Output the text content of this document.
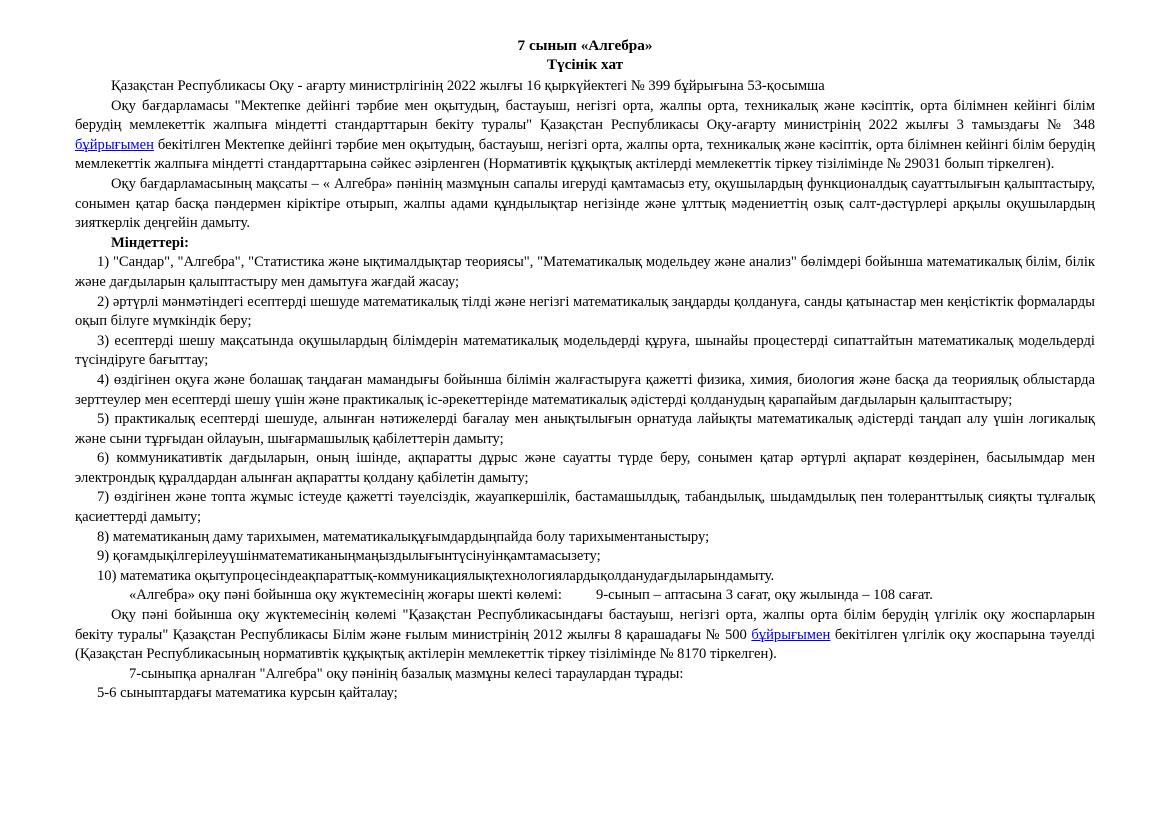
7 сынып «Алгебра»
Түсінік хат

Қазақстан Республикасы Оқу - ағарту министрлігінің 2022 жылғы 16 қыркүйектегі № 399 бұйрығына 53-қосымша

Оқу бағдарламасы "Мектепке дейінгі тәрбие мен оқытудың, бастауыш, негізгі орта, жалпы орта, техникалық және кәсіптік, орта білімнен кейінгі білім берудің мемлекеттік жалпыға міндетті стандарттарын бекіту туралы" Қазақстан Республикасы Оқу-ағарту министрінің 2022 жылғы 3 тамыздағы № 348 бұйрығымен бекітілген Мектепке дейінгі тәрбие мен оқытудың, бастауыш, негізгі орта, жалпы орта, техникалық және кәсіптік, орта білімнен кейінгі білім берудің мемлекеттік жалпыға міндетті стандарттарына сәйкес әзірленген (Нормативтік құқықтық актілерді мемлекеттік тіркеу тізілімінде № 29031 болып тіркелген).

Оқу бағдарламасының мақсаты – « Алгебра» пәнінің мазмұнын сапалы игеруді қамтамасыз ету, оқушылардың функционалдық сауаттылығын қалыптастыру, сонымен қатар басқа пәндермен кіріктіре отырып, жалпы адами құндылықтар негізінде және ұлттық мәдениеттің озық салт-дәстүрлері арқылы оқушылардың зияткерлік деңгейін дамыту.

Міндеттері:

1) "Сандар", "Алгебра", "Статистика және ықтималдықтар теориясы", "Математикалық модельдеу және анализ" бөлімдері бойынша математикалық білім, білік және дағдыларын қалыптастыру мен дамытуға жағдай жасау;

2) әртүрлі мәнмәтіндегі есептерді шешуде математикалық тілді және негізгі математикалық заңдарды қолдануға, санды қатынастар мен кеңістіктік формаларды оқып білуге мүмкіндік беру;

3) есептерді шешу мақсатында оқушылардың білімдерін математикалық модельдерді құруға, шынайы процестерді сипаттайтын математикалық модельдерді түсіндіруге бағыттау;

4) өздігінен оқуға және болашақ таңдаған мамандығы бойынша білімін жалғастыруға қажетті физика, химия, биология және басқа да теориялық облыстарда зерттеулер мен есептерді шешу үшін және практикалық іс-әрекеттерінде математикалық әдістерді қолданудың қарапайым дағдыларын қалыптастыру;

5) практикалық есептерді шешуде, алынған нәтижелерді бағалау мен анықтылығын орнатуда лайықты математикалық әдістерді таңдап алу үшін логикалық және сыни тұрғыдан ойлауын, шығармашылық қабілеттерін дамыту;

6) коммуникативтік дағдыларын, оның ішінде, ақпаратты дұрыс және сауатты түрде беру, сонымен қатар әртүрлі ақпарат көздерінен, басылымдар мен электрондық құралдардан алынған ақпаратты қолдану қабілетін дамыту;

7) өздігінен және топта жұмыс істеуде қажетті тәуелсіздік, жауапкершілік, бастамашылдық, табандылық, шыдамдылық пен толеранттылық сияқты тұлғалық қасиеттерді дамыту;

8) математиканың даму тарихымен, математикалықұғымдардыңпайда болу тарихыментаныстыру;

9) қоғамдықілгерілеуүшінматематиканыңмаңыздылығынтүсінуінқамтамасызету;

10) математика оқытупроцесіндеақпараттық-коммуникациялықтехнологиялардықолданудағдыларындамыту.

«Алгебра» оқу пәні бойынша оқу жүктемесінің жоғары шекті көлемі: 9-сынып – аптасына 3 сағат, оқу жылында – 108 сағат.

Оқу пәні бойынша оқу жүктемесінің көлемі "Қазақстан Республикасындағы бастауыш, негізгі орта, жалпы орта білім берудің үлгілік оқу жоспарларын бекіту туралы" Қазақстан Республикасы Білім және ғылым министрінің 2012 жылғы 8 қарашадағы № 500 бұйрығымен бекітілген үлгілік оқу жоспарына тәуелді (Қазақстан Республикасының нормативтік құқықтық актілерін мемлекеттік тіркеу тізілімінде № 8170 тіркелген).

7-сыныпқа арналған "Алгебра" оқу пәнінің базалық мазмұны келесі тараулардан тұрады:

5-6 сыныптардағы математика курсын қайталау;
